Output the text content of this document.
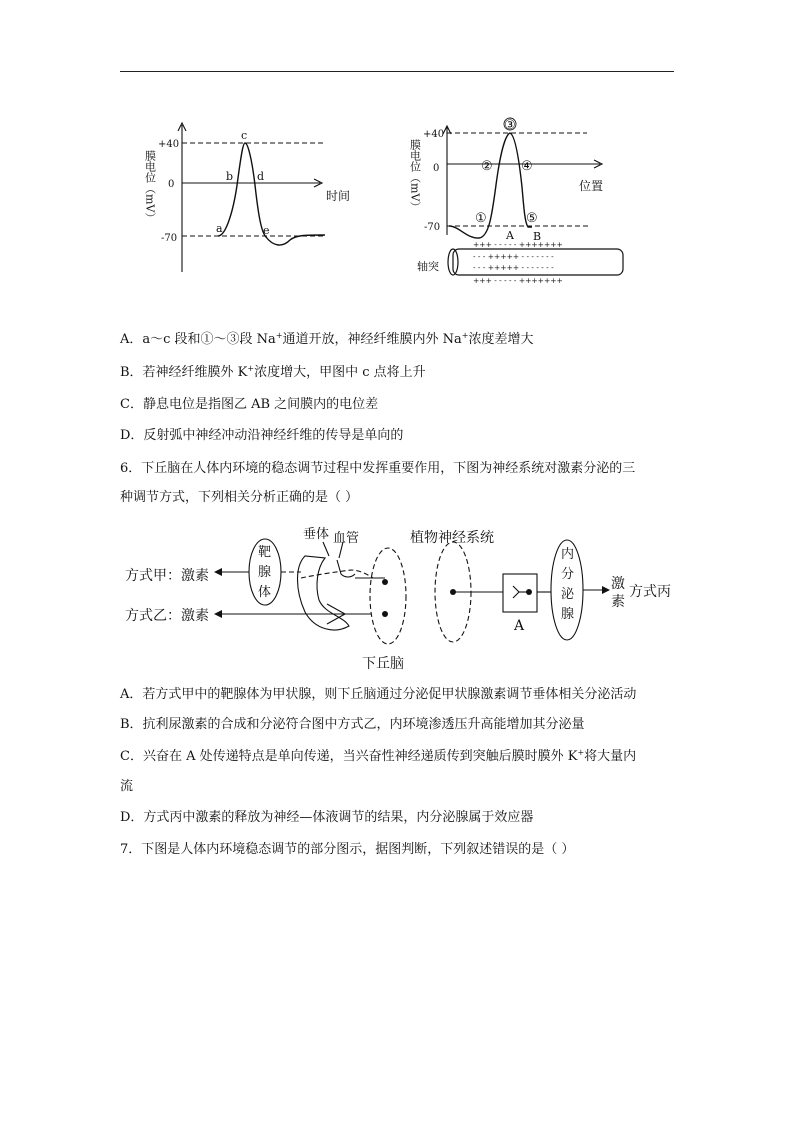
膜电位（mV）
+40
0
-70
时间
a
b
c
d
e
膜电位（mV）
+40
0
-70
位置
①
②
③
④
⑤
A B
轴突
+++ - - - - - +++++++
- - - +++++ - - - - - - -
- - - +++++ - - - - - - -
+++ - - - - - +++++++
A．a～c 段和①～③段 Na+通道开放，神经纤维膜内外 Na+浓度差增大
B．若神经纤维膜外 K+浓度增大，甲图中 c 点将上升
C．静息电位是指图乙 AB 之间膜内的电位差
D．反射弧中神经冲动沿神经纤维的传导是单向的
6．下丘脑在人体内环境的稳态调节过程中发挥重要作用，下图为神经系统对激素分泌的三
种调节方式，下列相关分析正确的是（ ）
方式甲：激素
方式乙：激素
靶
腺
体
垂体 血管
下丘脑
植物神经系统
内
分
泌
腺
激
素
方式丙
A
A．若方式甲中的靶腺体为甲状腺，则下丘脑通过分泌促甲状腺激素调节垂体相关分泌活动
B．抗利尿激素的合成和分泌符合图中方式乙，内环境渗透压升高能增加其分泌量
C．兴奋在 A 处传递特点是单向传递，当兴奋性神经递质传到突触后膜时膜外 K+将大量内
流
D．方式丙中激素的释放为神经—体液调节的结果，内分泌腺属于效应器
7．下图是人体内环境稳态调节的部分图示，据图判断，下列叙述错误的是（ ）
